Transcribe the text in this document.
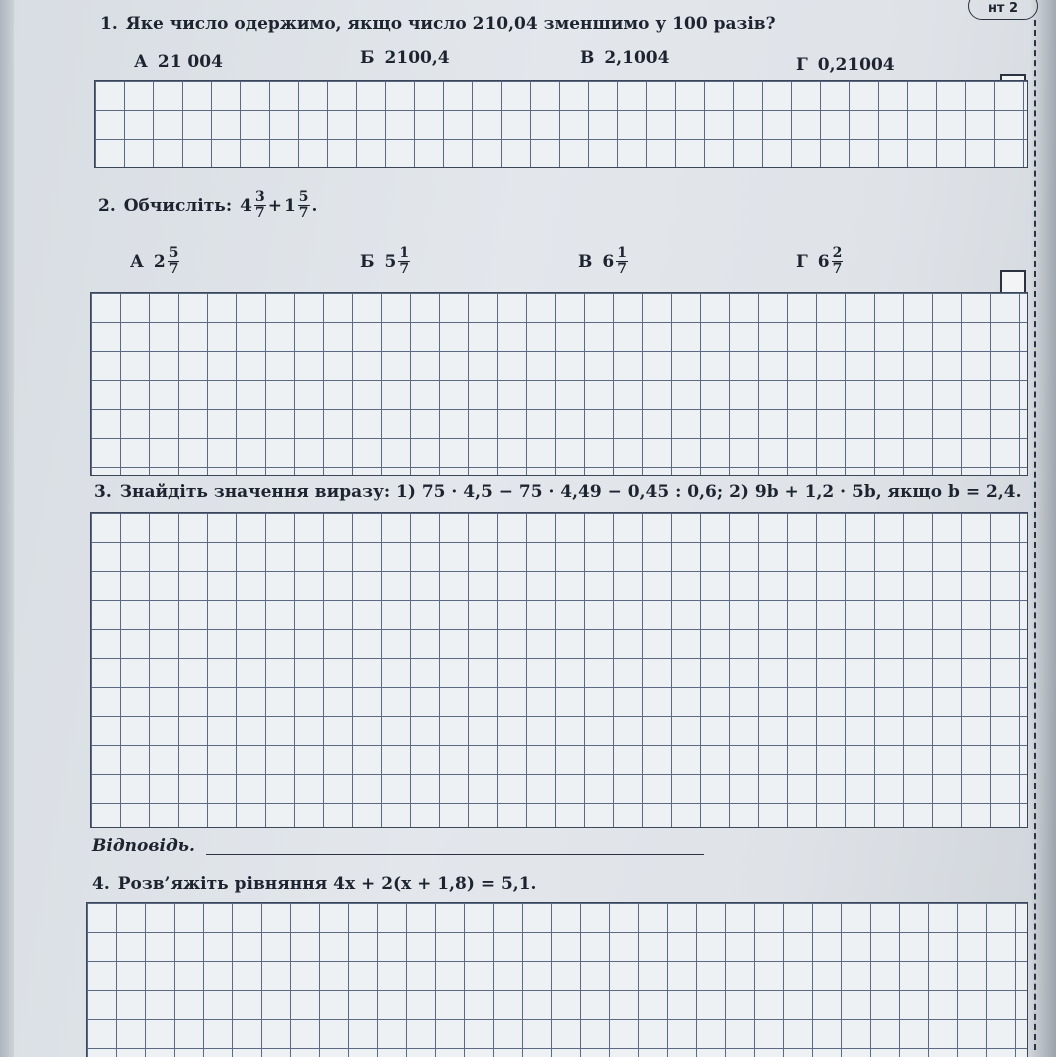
нт 2
1. Яке число одержимо, якщо число 210,04 зменшимо у 100 разів?
А 21 004	Б 2100,4	В 2,1004	Г 0,21004
2. Обчисліть: $4 \frac{3}{7} + 1 \frac{5}{7}$ .
А $2 \frac{5}{7}$	Б $5 \frac{1}{7}$	В $6 \frac{1}{7}$	Г $6 \frac{2}{7}$
3. Знайдіть значення виразу: 1) 75 · 4,5 − 75 · 4,49 − 0,45 : 0,6; 2) 9b + 1,2 · 5b, якщо b = 2,4.
Відповідь.
4. Розв’яжіть рівняння 4x + 2(x + 1,8) = 5,1.
